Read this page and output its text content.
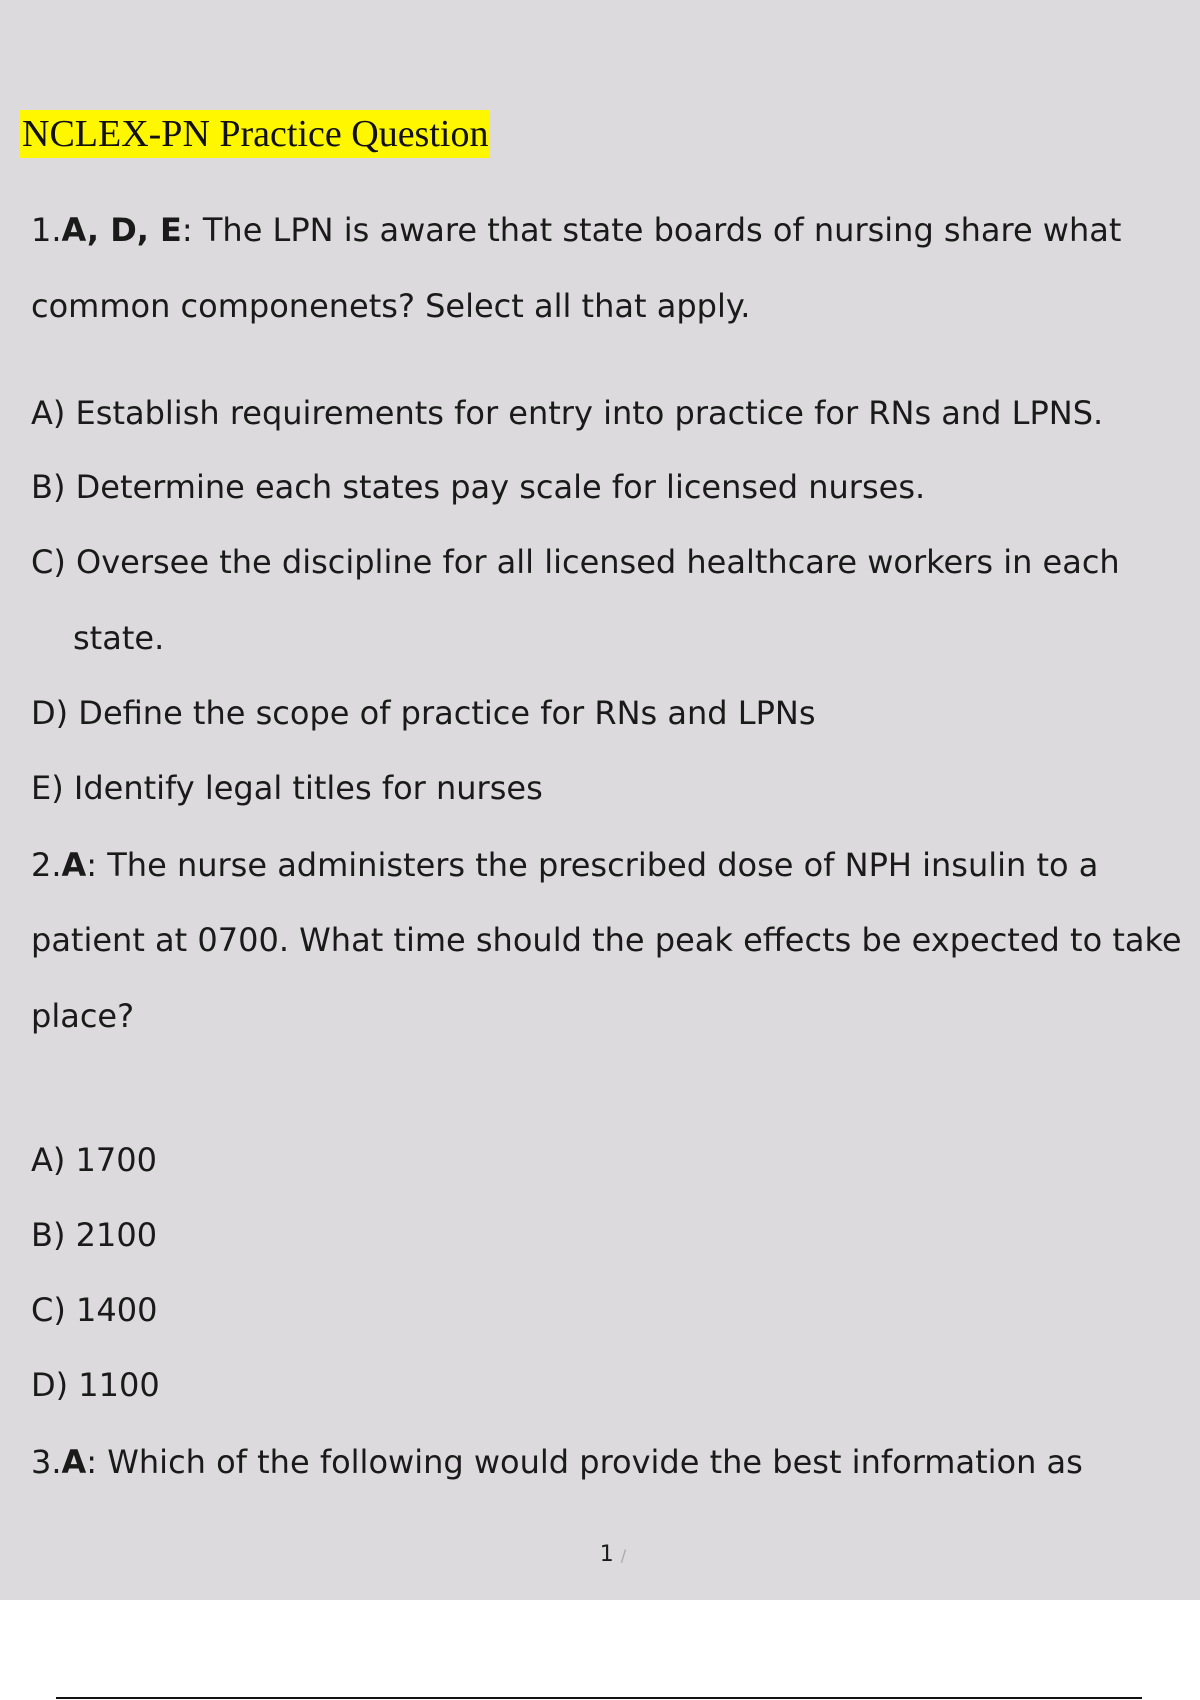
NCLEX-PN Practice Question
1.A, D, E: The LPN is aware that state boards of nursing share what
common componenets? Select all that apply.
A) Establish requirements for entry into practice for RNs and LPNS.
B) Determine each states pay scale for licensed nurses.
C) Oversee the discipline for all licensed healthcare workers in each
state.
D) Define the scope of practice for RNs and LPNs
E) Identify legal titles for nurses
2.A: The nurse administers the prescribed dose of NPH insulin to a
patient at 0700. What time should the peak effects be expected to take
place?
A) 1700
B) 2100
C) 1400
D) 1100
3.A: Which of the following would provide the best information as
1 /
